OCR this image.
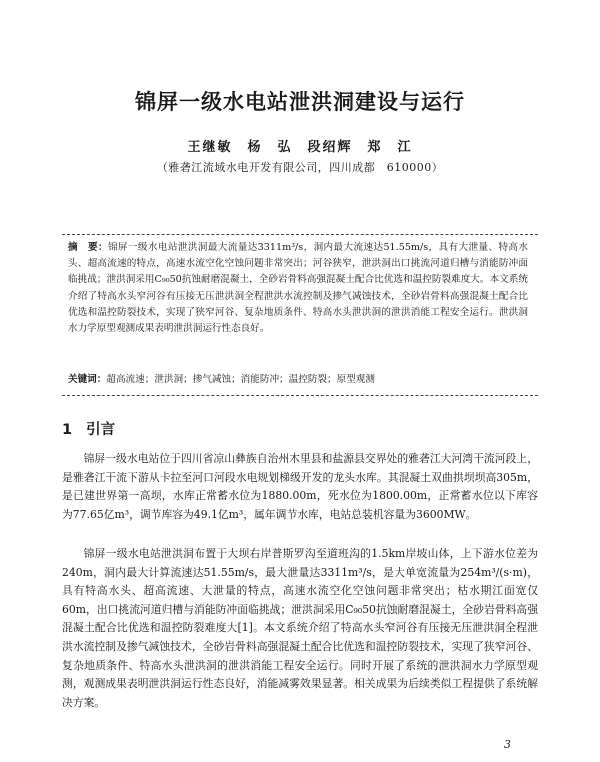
锦屏一级水电站泄洪洞建设与运行

王继敏　杨　弘　段绍辉　郑　江

（雅砻江流域水电开发有限公司，四川成都　610000）

摘　要：锦屏一级水电站泄洪洞最大流量达3311m³/s，洞内最大流速达51.55m/s，具有大泄量、特高水头、超高流速的特点，高速水流空化空蚀问题非常突出；河谷狭窄，泄洪洞出口挑流河道归槽与消能防冲面临挑战；泄洪洞采用C₉₀50抗蚀耐磨混凝土，全砂岩骨料高强混凝土配合比优选和温控防裂难度大。本文系统介绍了特高水头窄河谷有压接无压泄洪洞全程泄洪水流控制及掺气减蚀技术，全砂岩骨料高强混凝土配合比优选和温控防裂技术，实现了狭窄河谷、复杂地质条件、特高水头泄洪洞的泄洪消能工程安全运行。泄洪洞水力学原型观测成果表明泄洪洞运行性态良好。

关键词：超高流速；泄洪洞；掺气减蚀；消能防冲；温控防裂；原型观测

1 引言

锦屏一级水电站位于四川省凉山彝族自治州木里县和盐源县交界处的雅砻江大河湾干流河段上，是雅砻江干流下游从卡拉至河口河段水电规划梯级开发的龙头水库。其混凝土双曲拱坝坝高305m，是已建世界第一高坝，水库正常蓄水位为1880.00m，死水位为1800.00m，正常蓄水位以下库容为77.65亿m³，调节库容为49.1亿m³，属年调节水库，电站总装机容量为3600MW。

锦屏一级水电站泄洪洞布置于大坝右岸普斯罗沟至道班沟的1.5km岸坡山体，上下游水位差为240m，洞内最大计算流速达51.55m/s，最大泄量达3311m³/s，是大单宽流量为254m³/(s·m)，具有特高水头、超高流速、大泄量的特点，高速水流空化空蚀问题非常突出；枯水期江面宽仅60m，出口挑流河道归槽与消能防冲面临挑战；泄洪洞采用C₉₀50抗蚀耐磨混凝土，全砂岩骨料高强混凝土配合比优选和温控防裂难度大[1]。本文系统介绍了特高水头窄河谷有压接无压泄洪洞全程泄洪水流控制及掺气减蚀技术，全砂岩骨料高强混凝土配合比优选和温控防裂技术，实现了狭窄河谷、复杂地质条件、特高水头泄洪洞的泄洪消能工程安全运行。同时开展了系统的泄洪洞水力学原型观测，观测成果表明泄洪洞运行性态良好，消能减雾效果显著。相关成果为后续类似工程提供了系统解决方案。

3
